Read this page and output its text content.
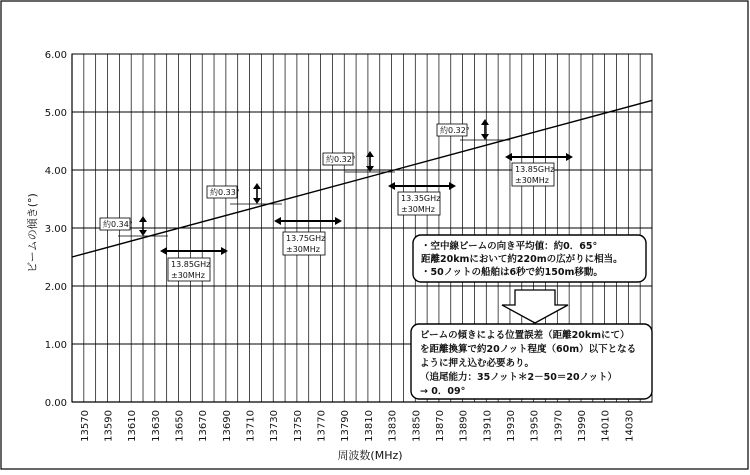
0.00
1.00
2.00
3.00
4.00
5.00
6.00
13570 13590 13610 13630 13650 13670 13690 13710 13730 13750 13770 13790 13810 13830 13850 13870 13890 13910 13930 13950 13970 13990 14010 14030
約0.34°
約0.33°
約0.32°
約0.32°
13.85GHz
±30MHz
13.75GHz
±30MHz
13.35GHz
±30MHz
13.85GHz
±30MHz
・空中線ビームの向き平均値：約0．65°
距離20kmにおいて約220mの広がりに相当。
・50ノットの船舶は6秒で約150m移動。
ビームの傾きによる位置誤差（距離20kmにて）
を距離換算で約20ノット程度（60m）以下となる
ように押え込む必要あり。
（追尾能力：35ノット＊2－50＝20ノット）
→ 0．09°
ビームの傾き(°)
周波数(MHz)
